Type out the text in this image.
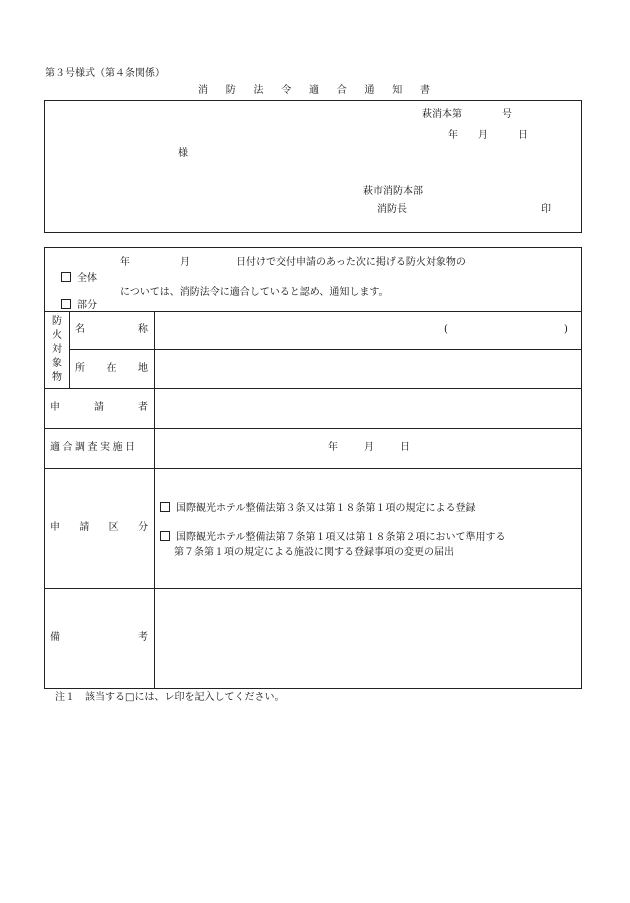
第３号様式（第４条関係）
消 防 法 令 適 合 通 知 書
萩消本第　　　　号
年　　月　　　日
様
萩市消防本部
消防長	印
年	月	日付けで交付申請のあった次に掲げる防火対象物の
全体
については、消防法令に適合していると認め、通知します。
部分
防火対象物
名	称	(	)
所 在 地
申	請	者
適合調査実施日	年	月	日
申 請 区 分
国際観光ホテル整備法第３条又は第１８条第１項の規定による登録
国際観光ホテル整備法第７条第１項又は第１８条第２項において準用する
第７条第１項の規定による施設に関する登録事項の変更の届出
備	考
注１　該当する□には、レ印を記入してください。
